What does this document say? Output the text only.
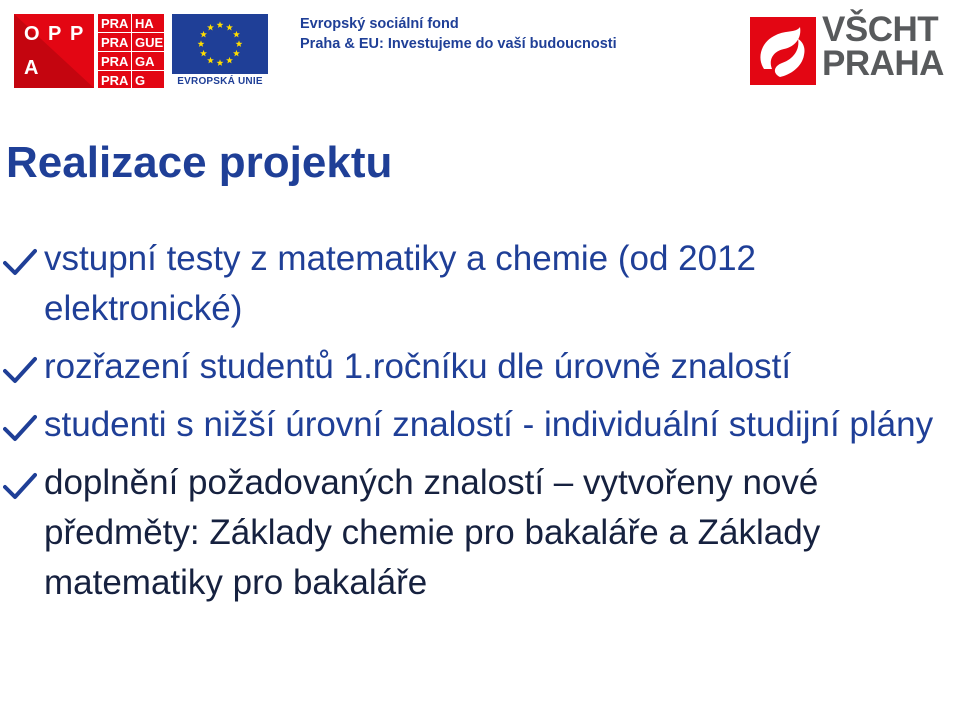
O P P
A
PRA HA
PRA GUE
PRA GA
PRA G	EVROPSKÁ UNIE
Evropský sociální fond
Praha & EU: Investujeme do vaší budoucnosti	VŠCHT
PRAHA
Realizace projektu
vstupní testy z matematiky a chemie (od 2012 elektronické)
rozřazení studentů 1.ročníku dle úrovně znalostí
studenti s nižší úrovní znalostí - individuální studijní plány
doplnění požadovaných znalostí – vytvořeny nové předměty: Základy chemie pro bakaláře a Základy matematiky pro bakaláře
